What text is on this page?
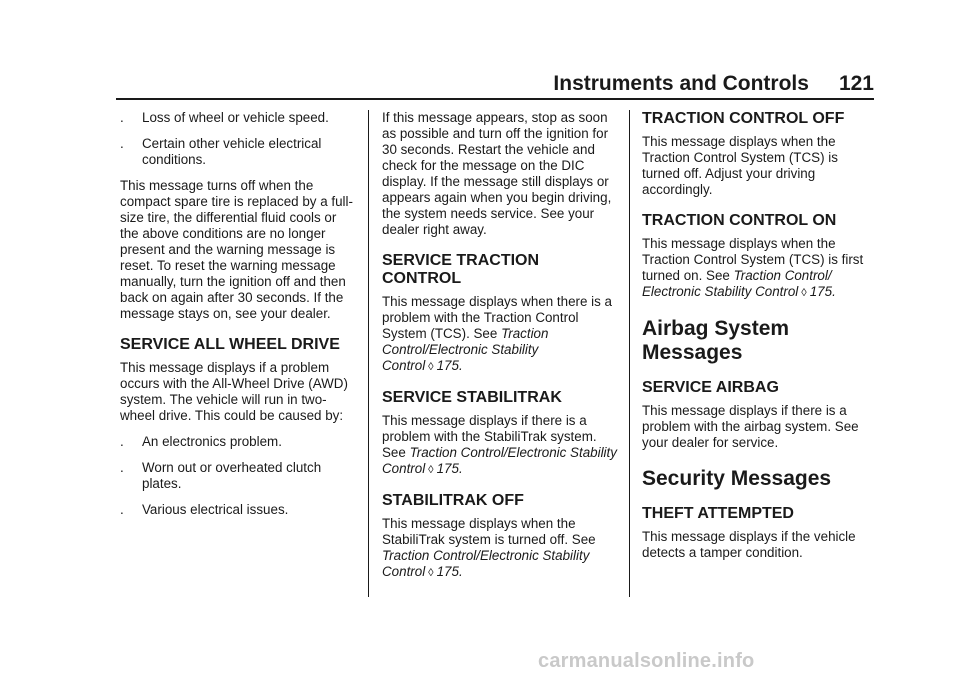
Instruments and Controls 121
.	Loss of wheel or vehicle speed.
.	Certain other vehicle electrical conditions.

This message turns off when the compact spare tire is replaced by a full-size tire, the differential fluid cools or the above conditions are no longer present and the warning message is reset. To reset the warning message manually, turn the ignition off and then back on again after 30 seconds. If the message stays on, see your dealer.

SERVICE ALL WHEEL DRIVE

This message displays if a problem occurs with the All-Wheel Drive (AWD) system. The vehicle will run in two-wheel drive. This could be caused by:

.	An electronics problem.
.	Worn out or overheated clutch plates.
.	Various electrical issues.

If this message appears, stop as soon as possible and turn off the ignition for 30 seconds. Restart the vehicle and check for the message on the DIC display. If the message still displays or appears again when you begin driving, the system needs service. See your dealer right away.

SERVICE TRACTION CONTROL

This message displays when there is a problem with the Traction Control System (TCS). See Traction Control/Electronic Stability Control ◊ 175.

SERVICE STABILITRAK

This message displays if there is a problem with the StabiliTrak system. See Traction Control/Electronic Stability Control ◊ 175.

STABILITRAK OFF

This message displays when the StabiliTrak system is turned off. See Traction Control/Electronic Stability Control ◊ 175.

TRACTION CONTROL OFF

This message displays when the Traction Control System (TCS) is turned off. Adjust your driving accordingly.

TRACTION CONTROL ON

This message displays when the Traction Control System (TCS) is first turned on. See Traction Control/ Electronic Stability Control ◊ 175.

Airbag System Messages
SERVICE AIRBAG

This message displays if there is a problem with the airbag system. See your dealer for service.

Security Messages
THEFT ATTEMPTED

This message displays if the vehicle detects a tamper condition.

carmanualsonline.info
